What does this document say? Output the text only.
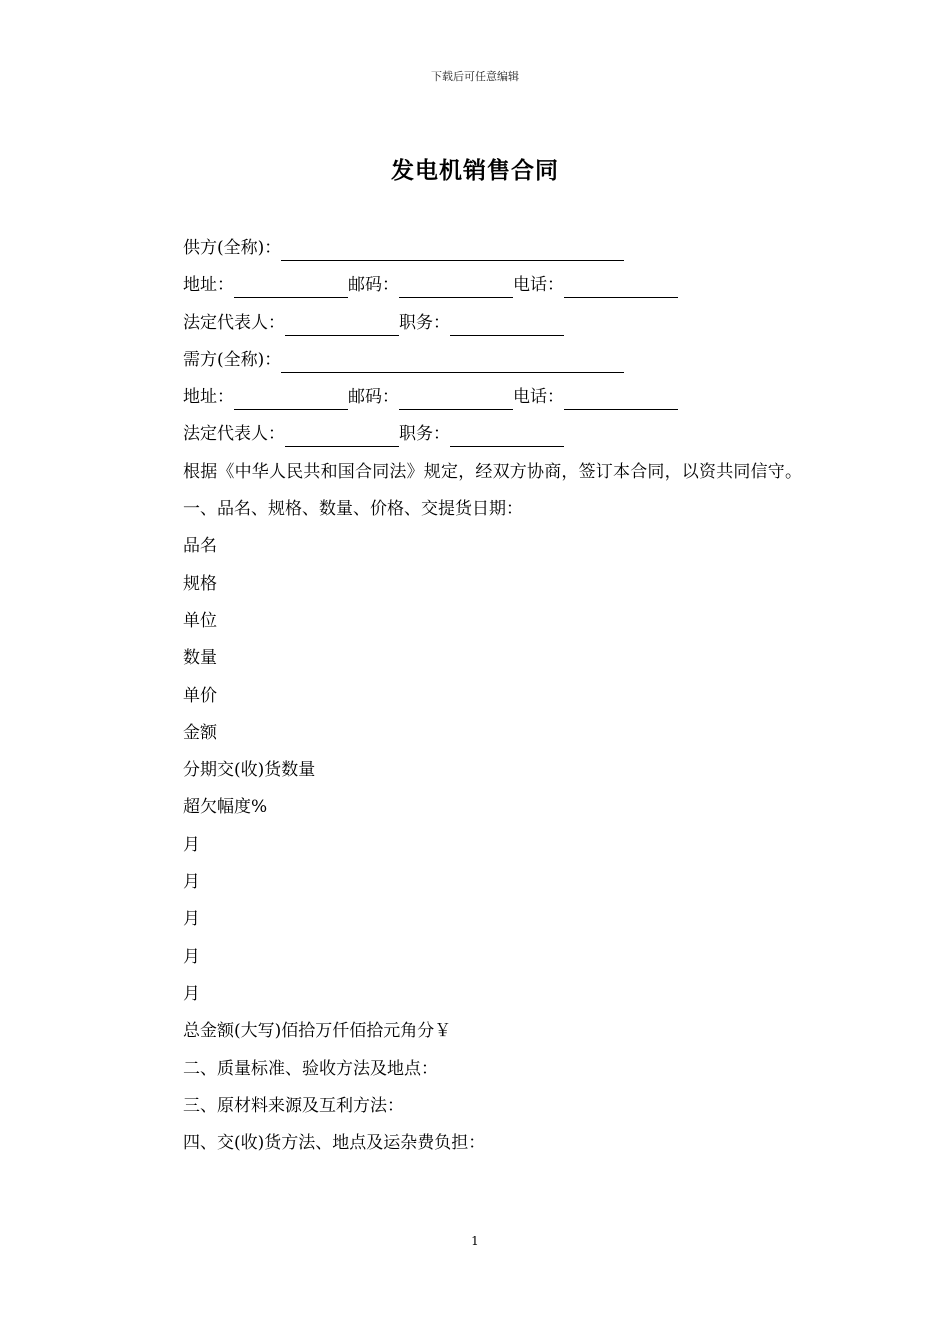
下载后可任意编辑
发电机销售合同
供方(全称)：
地址：	邮码：	电话：
法定代表人：	职务：
需方(全称)：
地址：	邮码：	电话：
法定代表人：	职务：

根据《中华人民共和国合同法》规定，经双方协商，签订本合同，以资共同信守。

一、品名、规格、数量、价格、交提货日期：
品名
规格
单位
数量
单价
金额
分期交(收)货数量
超欠幅度%
月
月
月
月
月
总金额(大写)佰拾万仟佰拾元角分￥
二、质量标准、验收方法及地点：
三、原材料来源及互利方法：
四、交(收)货方法、地点及运杂费负担：
1
